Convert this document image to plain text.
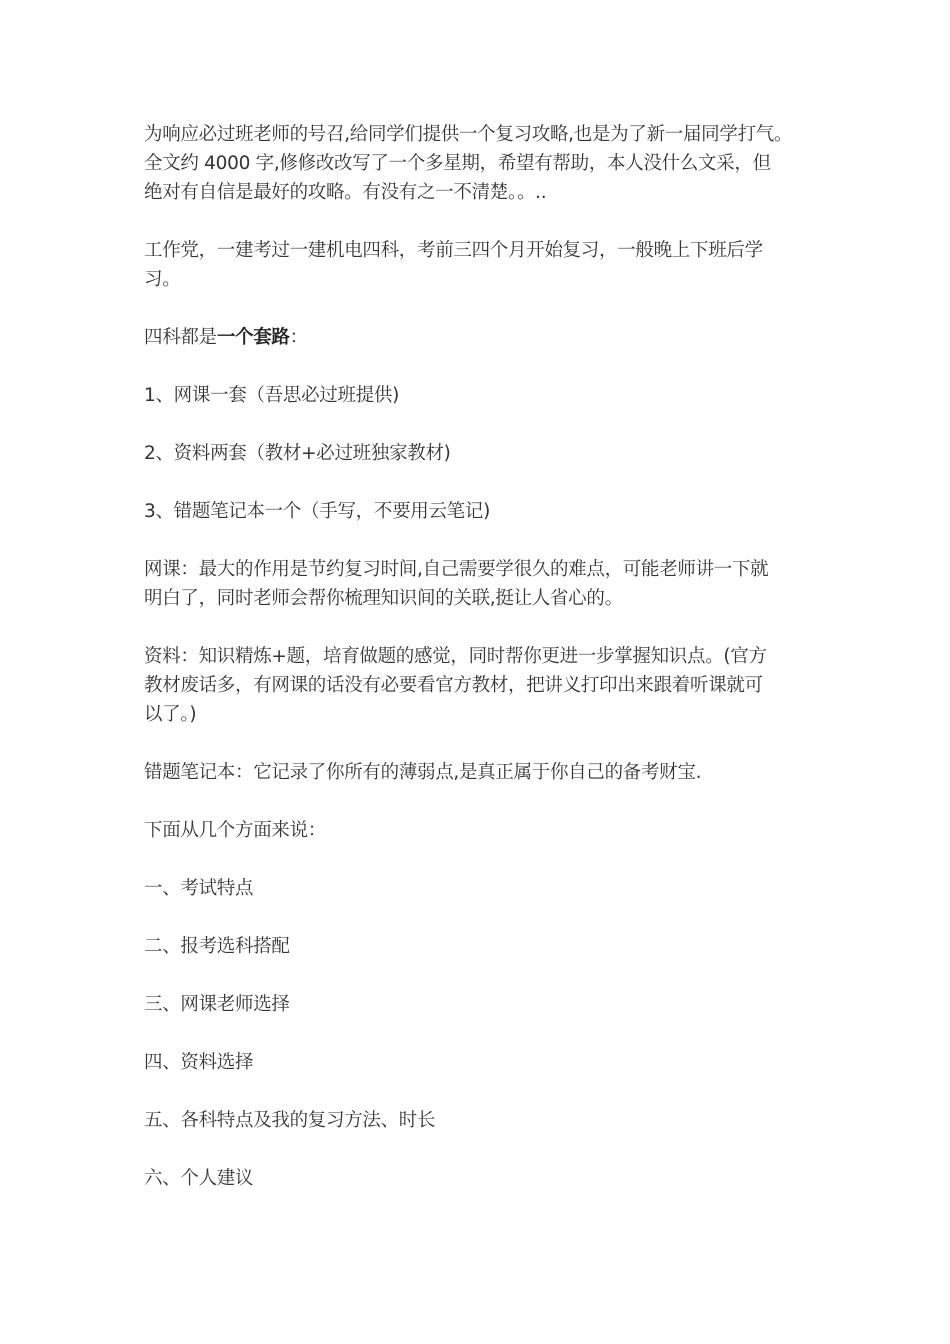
为响应必过班老师的号召,给同学们提供一个复习攻略,也是为了新一届同学打气。
全文约 4000 字,修修改改写了一个多星期，希望有帮助，本人没什么文采，但
绝对有自信是最好的攻略。有没有之一不清楚。。..

工作党，一建考过一建机电四科，考前三四个月开始复习，一般晚上下班后学
习。

四科都是一个套路：

1、网课一套（吾思必过班提供)

2、资料两套（教材+必过班独家教材)

3、错题笔记本一个（手写，不要用云笔记)

网课：最大的作用是节约复习时间,自己需要学很久的难点，可能老师讲一下就
明白了，同时老师会帮你梳理知识间的关联,挺让人省心的。

资料：知识精炼+题，培育做题的感觉，同时帮你更进一步掌握知识点。(官方
教材废话多，有网课的话没有必要看官方教材，把讲义打印出来跟着听课就可
以了。)

错题笔记本：它记录了你所有的薄弱点,是真正属于你自己的备考财宝.

下面从几个方面来说：

一、考试特点

二、报考选科搭配

三、网课老师选择

四、资料选择

五、各科特点及我的复习方法、时长

六、个人建议
